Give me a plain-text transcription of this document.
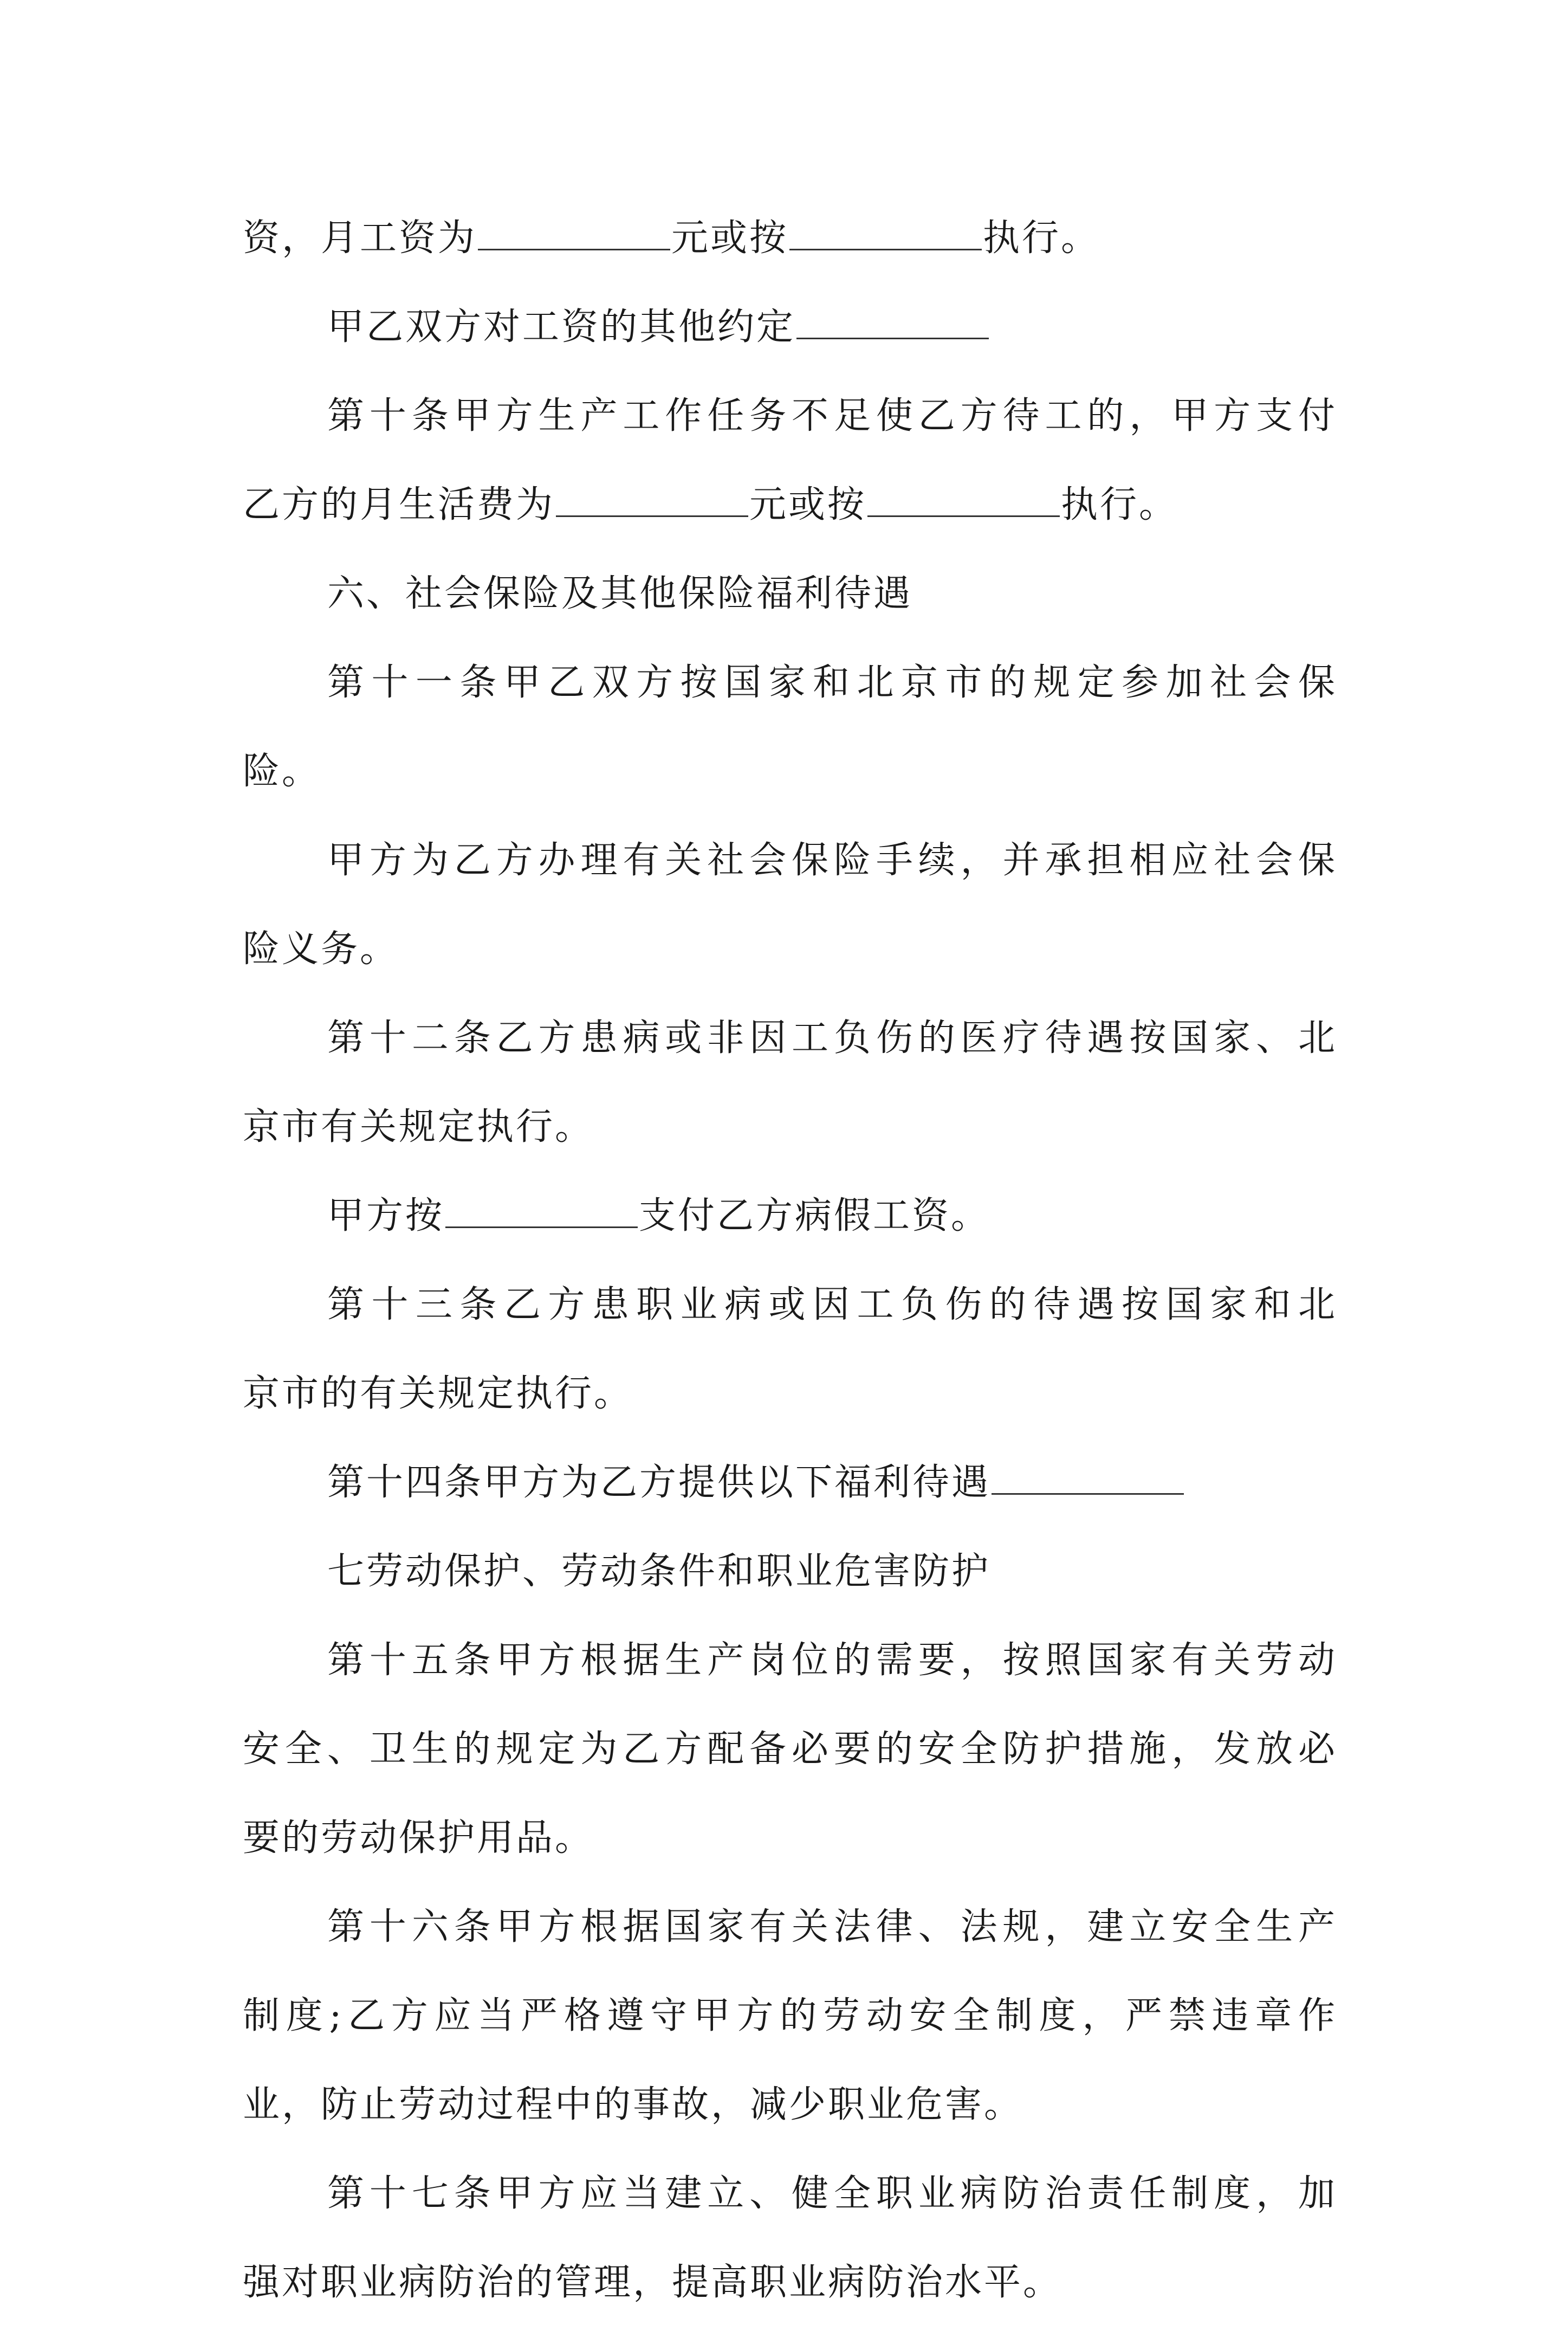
资，月工资为	元或按	执行。
甲乙双方对工资的其他约定
第十条甲方生产工作任务不足使乙方待工的，甲方支付
乙方的月生活费为	元或按	执行。
六、社会保险及其他保险福利待遇
第十一条甲乙双方按国家和北京市的规定参加社会保
险。
甲方为乙方办理有关社会保险手续，并承担相应社会保
险义务。
第十二条乙方患病或非因工负伤的医疗待遇按国家、北
京市有关规定执行。
甲方按	支付乙方病假工资。
第十三条乙方患职业病或因工负伤的待遇按国家和北
京市的有关规定执行。
第十四条甲方为乙方提供以下福利待遇
七劳动保护、劳动条件和职业危害防护
第十五条甲方根据生产岗位的需要，按照国家有关劳动
安全、卫生的规定为乙方配备必要的安全防护措施，发放必
要的劳动保护用品。
第十六条甲方根据国家有关法律、法规，建立安全生产
制度;乙方应当严格遵守甲方的劳动安全制度，严禁违章作
业，防止劳动过程中的事故，减少职业危害。
第十七条甲方应当建立、健全职业病防治责任制度，加
强对职业病防治的管理，提高职业病防治水平。
